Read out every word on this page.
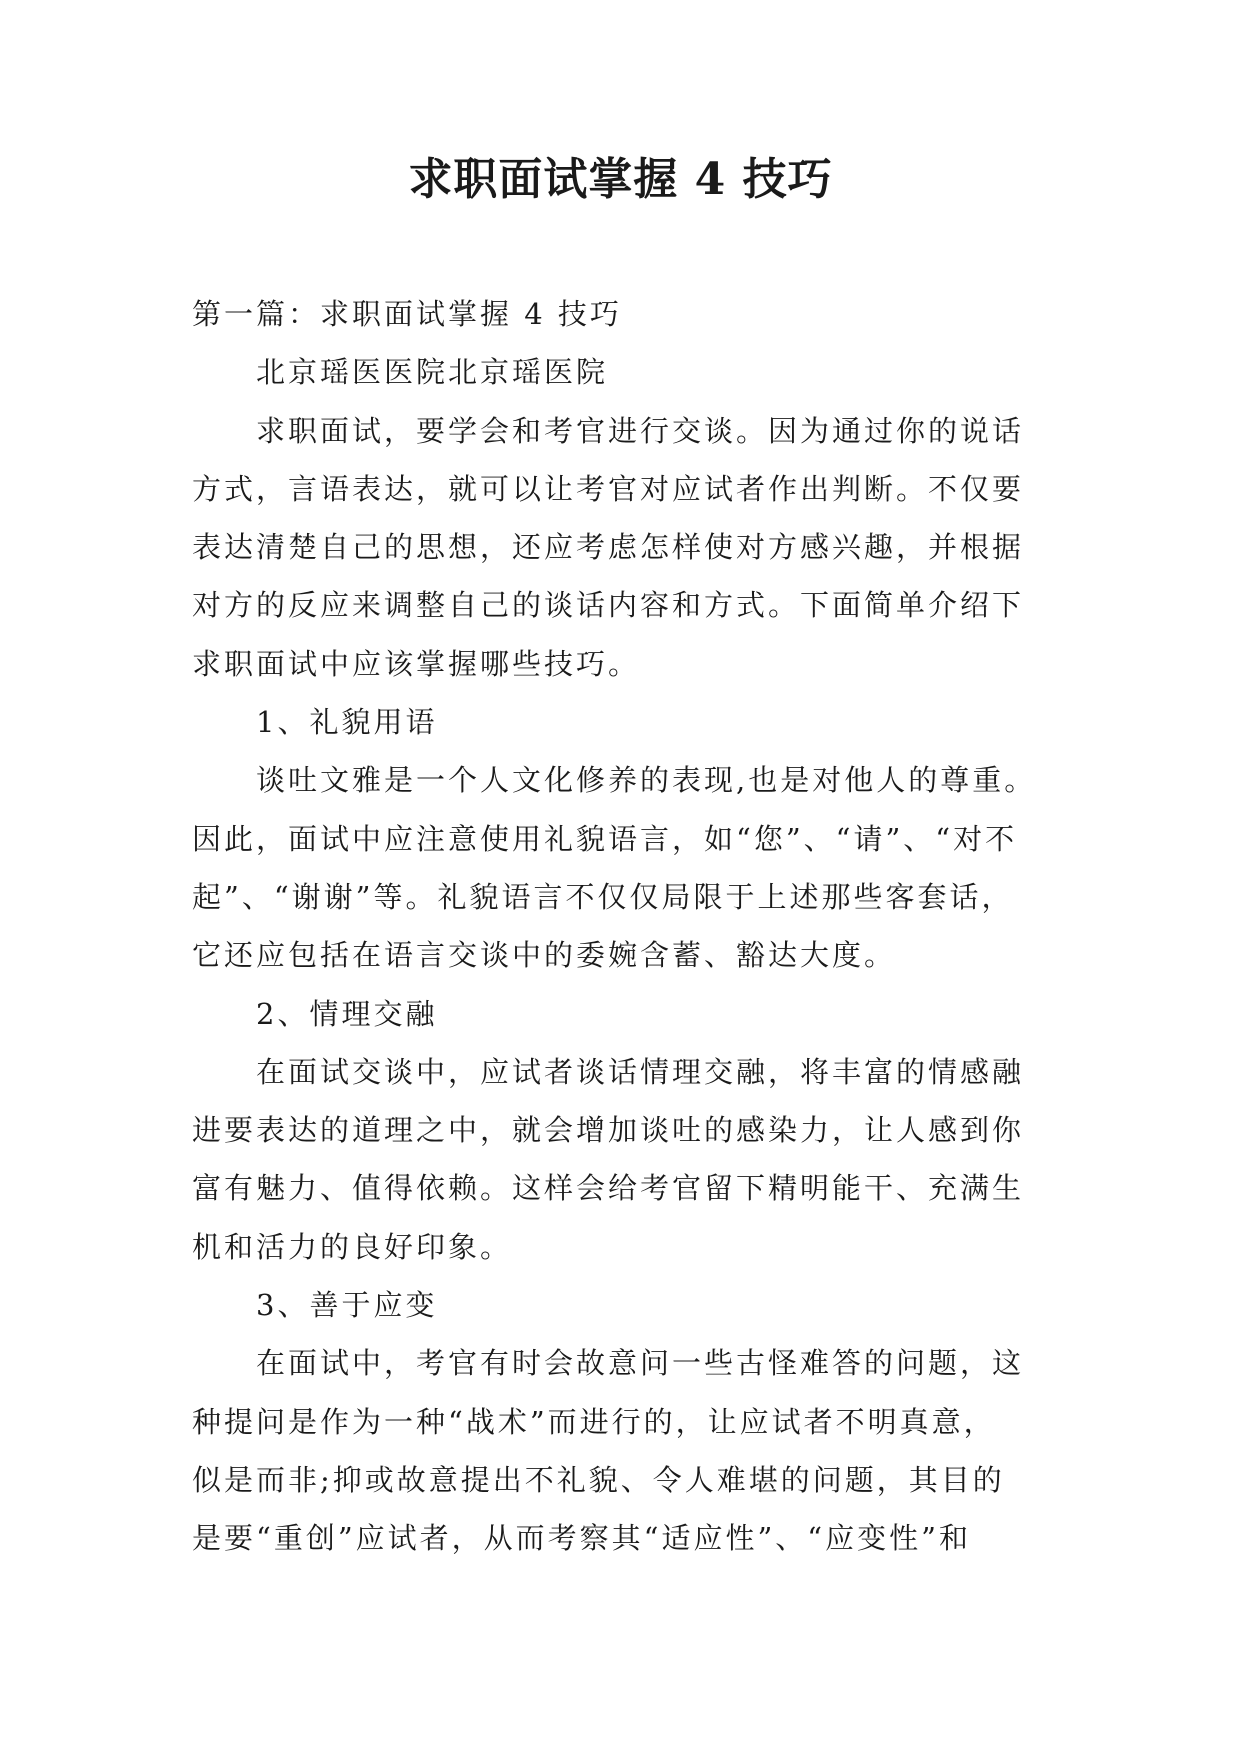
求职面试掌握 4 技巧
第一篇：求职面试掌握 4 技巧
北京瑶医医院北京瑶医院
求职面试，要学会和考官进行交谈。因为通过你的说话
方式，言语表达，就可以让考官对应试者作出判断。不仅要
表达清楚自己的思想，还应考虑怎样使对方感兴趣，并根据
对方的反应来调整自己的谈话内容和方式。下面简单介绍下
求职面试中应该掌握哪些技巧。
1、礼貌用语
谈吐文雅是一个人文化修养的表现,也是对他人的尊重。
因此，面试中应注意使用礼貌语言，如“您”、“请”、“对不
起”、“谢谢”等。礼貌语言不仅仅局限于上述那些客套话，
它还应包括在语言交谈中的委婉含蓄、豁达大度。
2、情理交融
在面试交谈中，应试者谈话情理交融，将丰富的情感融
进要表达的道理之中，就会增加谈吐的感染力，让人感到你
富有魅力、值得依赖。这样会给考官留下精明能干、充满生
机和活力的良好印象。
3、善于应变
在面试中，考官有时会故意问一些古怪难答的问题，这
种提问是作为一种“战术”而进行的，让应试者不明真意，
似是而非;抑或故意提出不礼貌、令人难堪的问题，其目的
是要“重创”应试者，从而考察其“适应性”、“应变性”和
